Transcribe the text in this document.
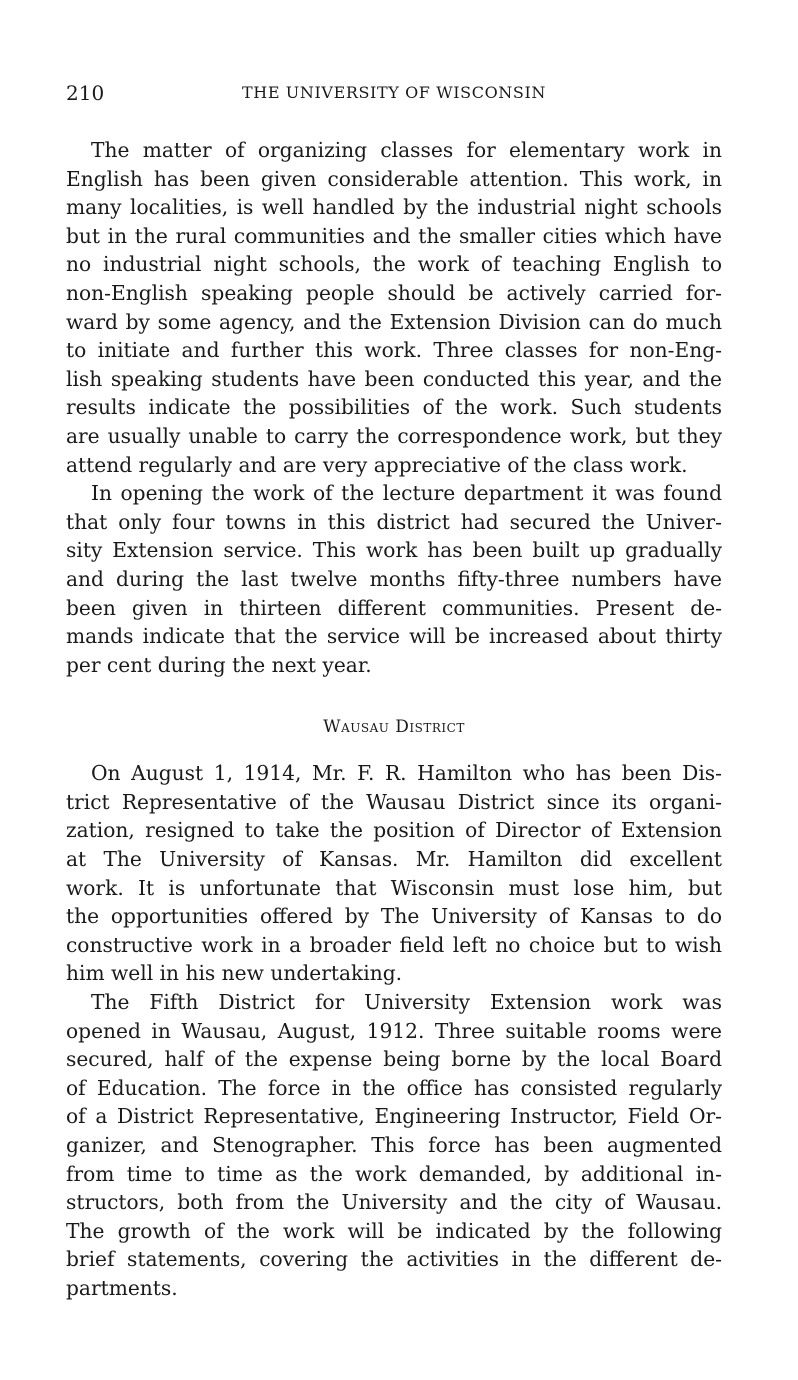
210	THE UNIVERSITY OF WISCONSIN

The matter of organizing classes for elementary work in
English has been given considerable attention. This work, in
many localities, is well handled by the industrial night schools
but in the rural communities and the smaller cities which have
no industrial night schools, the work of teaching English to
non-English speaking people should be actively carried for-
ward by some agency, and the Extension Division can do much
to initiate and further this work. Three classes for non-Eng-
lish speaking students have been conducted this year, and the
results indicate the possibilities of the work. Such students
are usually unable to carry the correspondence work, but they
attend regularly and are very appreciative of the class work.

In opening the work of the lecture department it was found
that only four towns in this district had secured the Univer-
sity Extension service. This work has been built up gradually
and during the last twelve months fifty-three numbers have
been given in thirteen different communities. Present de-
mands indicate that the service will be increased about thirty
per cent during the next year.

Wausau District

On August 1, 1914, Mr. F. R. Hamilton who has been Dis-
trict Representative of the Wausau District since its organi-
zation, resigned to take the position of Director of Extension
at The University of Kansas. Mr. Hamilton did excellent
work. It is unfortunate that Wisconsin must lose him, but
the opportunities offered by The University of Kansas to do
constructive work in a broader field left no choice but to wish
him well in his new undertaking.

The Fifth District for University Extension work was
opened in Wausau, August, 1912. Three suitable rooms were
secured, half of the expense being borne by the local Board
of Education. The force in the office has consisted regularly
of a District Representative, Engineering Instructor, Field Or-
ganizer, and Stenographer. This force has been augmented
from time to time as the work demanded, by additional in-
structors, both from the University and the city of Wausau.
The growth of the work will be indicated by the following
brief statements, covering the activities in the different de-
partments.
